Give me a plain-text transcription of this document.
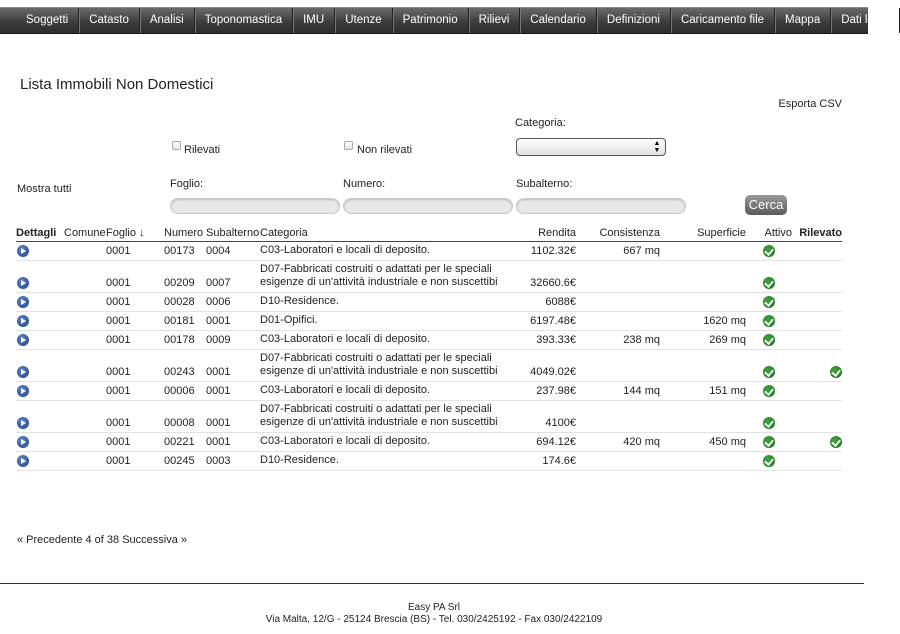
Soggetti	Catasto	Analisi	Toponomastica	IMU	Utenze	Patrimonio	Rilievi	Calendario	Definizioni	Caricamento file	Mappa	Dati login
Lista Immobili Non Domestici
Esporta CSV
Rilevati	Non rilevati
Categoria:
▲
▼
Mostra tutti	Foglio:	Numero:	Subalterno:
Cerca
Dettagli	Comune	Foglio ↓	Numero	Subalterno	Categoria	Rendita	Consistenza	Superficie	Attivo	Rilevato
		0001	00173	0004	C03-Laboratori e locali di deposito.	1102.32€	667 mq			
		0001	00209	0007	D07-Fabbricati costruiti o adattati per le speciali esigenze di un'attività industriale e non suscettibi	32660.6€				
		0001	00028	0006	D10-Residence.	6088€				
		0001	00181	0001	D01-Opifici.	6197.48€		1620 mq		
		0001	00178	0009	C03-Laboratori e locali di deposito.	393.33€	238 mq	269 mq		
		0001	00243	0001	D07-Fabbricati costruiti o adattati per le speciali esigenze di un'attività industriale e non suscettibi	4049.02€				
		0001	00006	0001	C03-Laboratori e locali di deposito.	237.98€	144 mq	151 mq		
		0001	00008	0001	D07-Fabbricati costruiti o adattati per le speciali esigenze di un'attività industriale e non suscettibi	4100€				
		0001	00221	0001	C03-Laboratori e locali di deposito.	694.12€	420 mq	450 mq		
		0001	00245	0003	D10-Residence.	174.6€				
« Precedente 4 of 38 Successiva »
Easy PA Srl
Via Malta, 12/G - 25124 Brescia (BS) - Tel. 030/2425192 - Fax 030/2422109
